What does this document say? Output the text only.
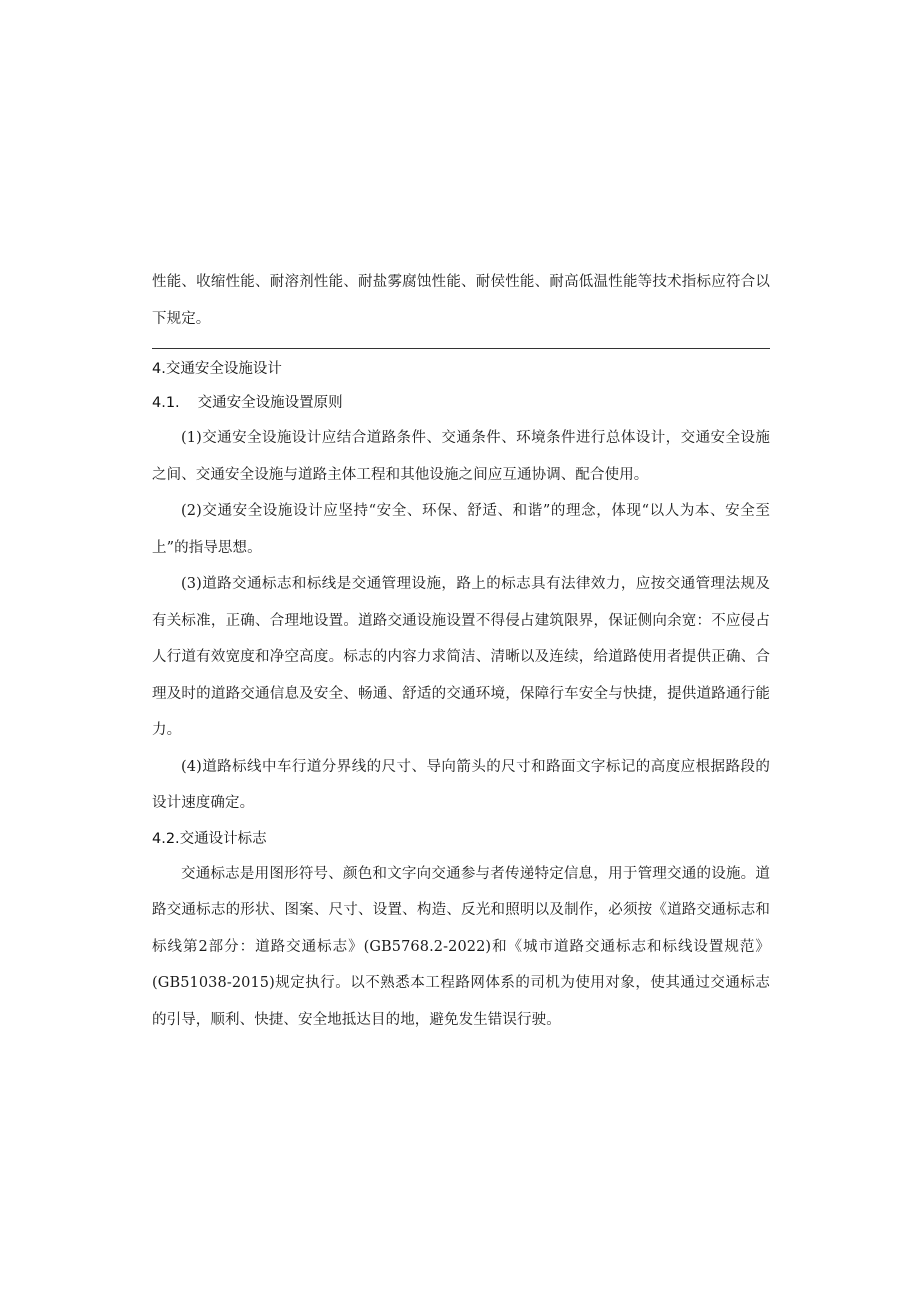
性能、收缩性能、耐溶剂性能、耐盐雾腐蚀性能、耐侯性能、耐高低温性能等技术指标应符合以下规定。

4.交通安全设施设计

4.1. 交通安全设施设置原则

(1)交通安全设施设计应结合道路条件、交通条件、环境条件进行总体设计，交通安全设施之间、交通安全设施与道路主体工程和其他设施之间应互通协调、配合使用。

(2)交通安全设施设计应坚持“安全、环保、舒适、和谐”的理念，体现“以人为本、安全至上”的指导思想。

(3)道路交通标志和标线是交通管理设施，路上的标志具有法律效力，应按交通管理法规及有关标准，正确、合理地设置。道路交通设施设置不得侵占建筑限界，保证侧向余宽：不应侵占人行道有效宽度和净空高度。标志的内容力求简洁、清晰以及连续，给道路使用者提供正确、合理及时的道路交通信息及安全、畅通、舒适的交通环境，保障行车安全与快捷，提供道路通行能力。

(4)道路标线中车行道分界线的尺寸、导向箭头的尺寸和路面文字标记的高度应根据路段的设计速度确定。

4.2.交通设计标志

交通标志是用图形符号、颜色和文字向交通参与者传递特定信息，用于管理交通的设施。道路交通标志的形状、图案、尺寸、设置、构造、反光和照明以及制作，必须按《道路交通标志和标线第2部分：道路交通标志》(GB5768.2-2022)和《城市道路交通标志和标线设置规范》(GB51038-2015)规定执行。以不熟悉本工程路网体系的司机为使用对象，使其通过交通标志的引导，顺利、快捷、安全地抵达目的地，避免发生错误行驶。
